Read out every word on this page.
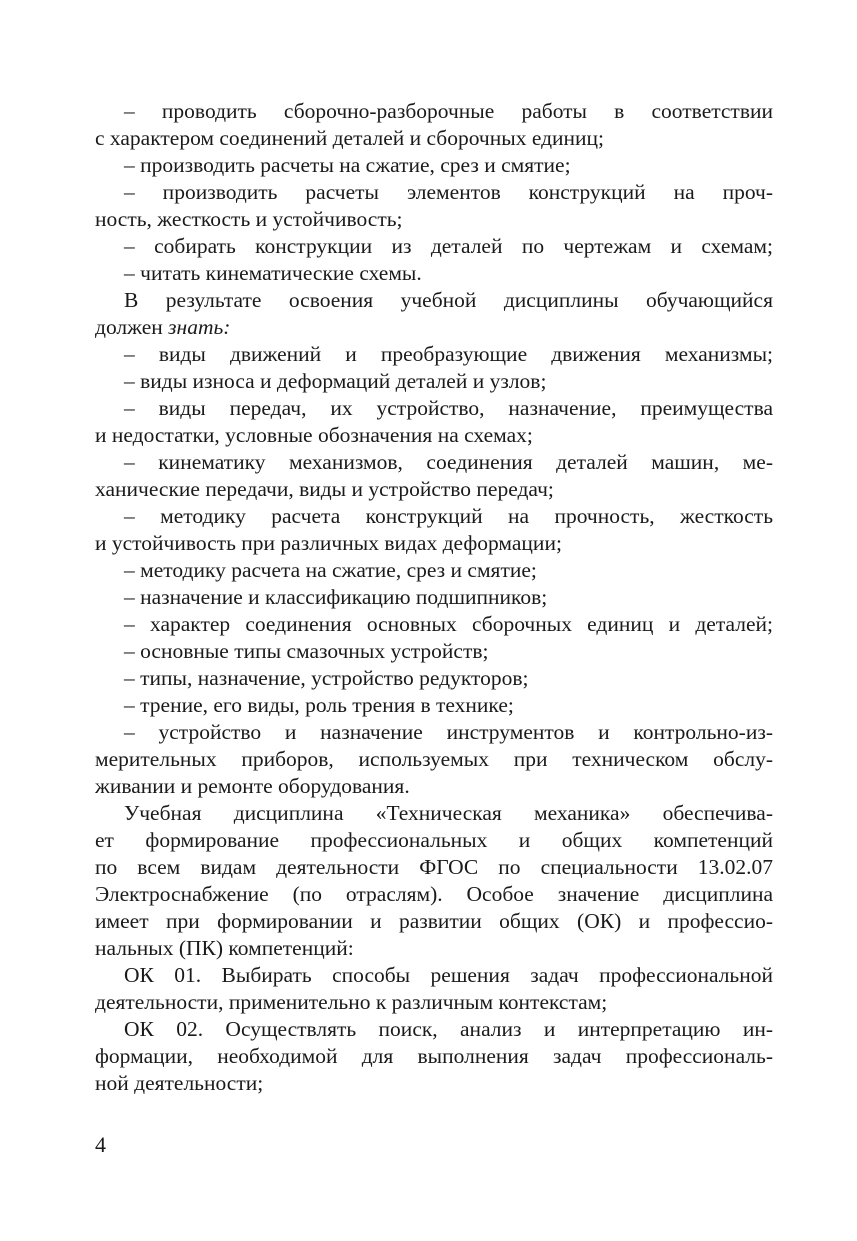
– проводить сборочно-разборочные работы в соответствии
с характером соединений деталей и сборочных единиц;
– производить расчеты на сжатие, срез и смятие;
– производить расчеты элементов конструкций на проч-
ность, жесткость и устойчивость;
– собирать конструкции из деталей по чертежам и схемам;
– читать кинематические схемы.
В результате освоения учебной дисциплины обучающийся
должен знать:
– виды движений и преобразующие движения механизмы;
– виды износа и деформаций деталей и узлов;
– виды передач, их устройство, назначение, преимущества
и недостатки, условные обозначения на схемах;
– кинематику механизмов, соединения деталей машин, ме-
ханические передачи, виды и устройство передач;
– методику расчета конструкций на прочность, жесткость
и устойчивость при различных видах деформации;
– методику расчета на сжатие, срез и смятие;
– назначение и классификацию подшипников;
– характер соединения основных сборочных единиц и деталей;
– основные типы смазочных устройств;
– типы, назначение, устройство редукторов;
– трение, его виды, роль трения в технике;
– устройство и назначение инструментов и контрольно-из-
мерительных приборов, используемых при техническом обслу-
живании и ремонте оборудования.
Учебная дисциплина «Техническая механика» обеспечива-
ет формирование профессиональных и общих компетенций
по всем видам деятельности ФГОС по специальности 13.02.07
Электроснабжение (по отраслям). Особое значение дисциплина
имеет при формировании и развитии общих (ОК) и профессио-
нальных (ПК) компетенций:
ОК 01. Выбирать способы решения задач профессиональной
деятельности, применительно к различным контекстам;
ОК 02. Осуществлять поиск, анализ и интерпретацию ин-
формации, необходимой для выполнения задач профессиональ-
ной деятельности;
4
